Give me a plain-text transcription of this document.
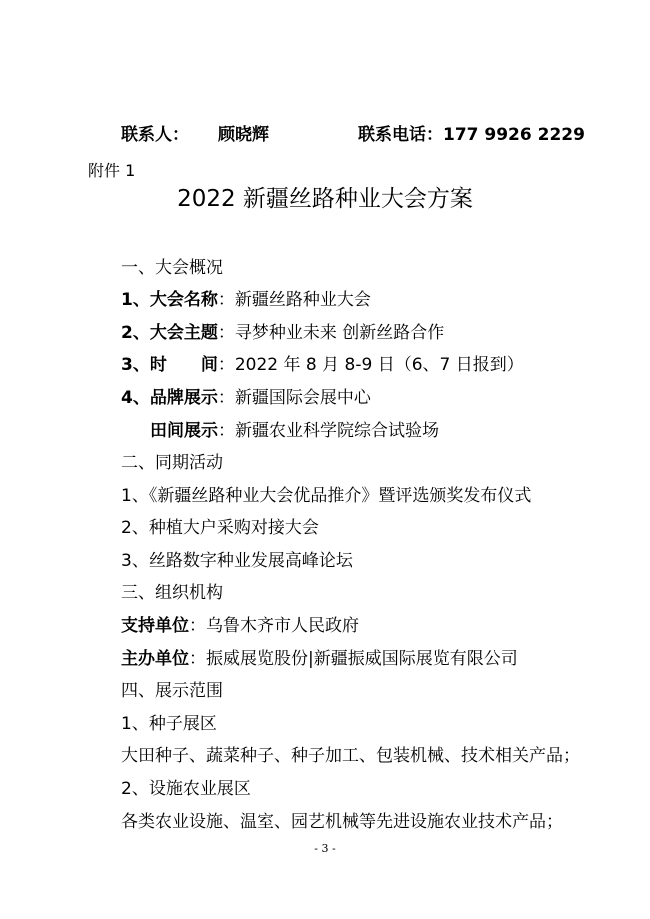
联系人： 顾晓辉	联系电话：177 9926 2229
附件 1
2022 新疆丝路种业大会方案
一、大会概况
1、大会名称：新疆丝路种业大会
2、大会主题：寻梦种业未来 创新丝路合作
3、时　　间：2022 年 8 月 8-9 日（6、7 日报到）
4、品牌展示：新疆国际会展中心
田间展示：新疆农业科学院综合试验场
二、同期活动
1、《新疆丝路种业大会优品推介》暨评选颁奖发布仪式
2、种植大户采购对接大会
3、丝路数字种业发展高峰论坛
三、组织机构
支持单位：乌鲁木齐市人民政府
主办单位：振威展览股份|新疆振威国际展览有限公司
四、展示范围
1、种子展区
大田种子、蔬菜种子、种子加工、包装机械、技术相关产品；
2、设施农业展区
各类农业设施、温室、园艺机械等先进设施农业技术产品；
- 3 -
